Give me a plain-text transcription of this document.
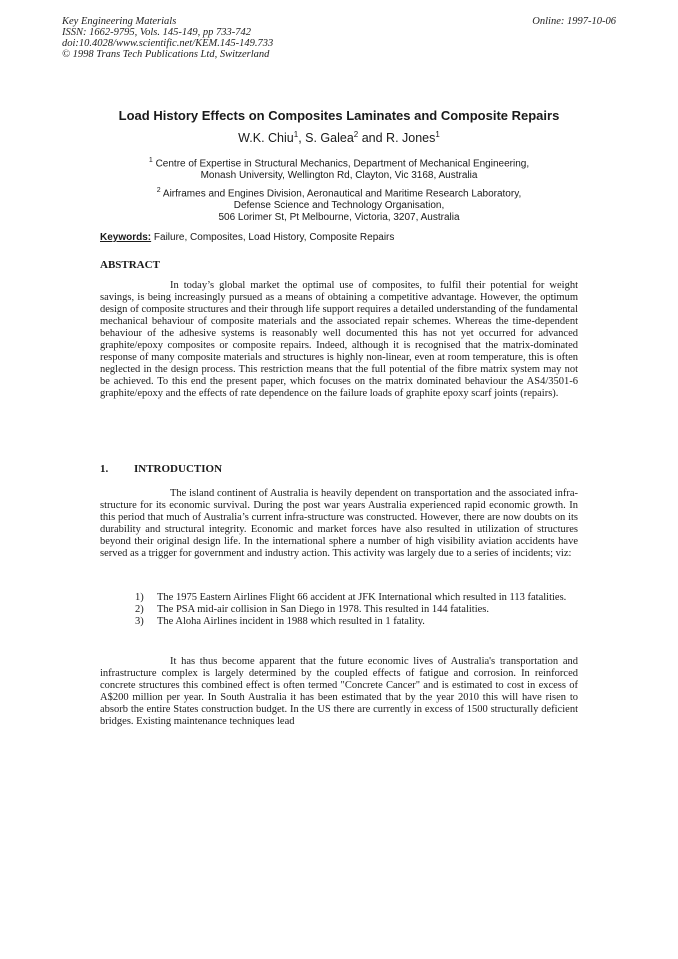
Key Engineering Materials
ISSN: 1662-9795, Vols. 145-149, pp 733-742
doi:10.4028/www.scientific.net/KEM.145-149.733
© 1998 Trans Tech Publications Ltd, Switzerland
Online: 1997-10-06
Load History Effects on Composites Laminates and Composite Repairs
W.K. Chiu$^1$, S. Galea$^2$ and R. Jones$^1$
$^1$ Centre of Expertise in Structural Mechanics, Department of Mechanical Engineering,
Monash University, Wellington Rd, Clayton, Vic 3168, Australia
$^2$ Airframes and Engines Division, Aeronautical and Maritime Research Laboratory,
Defense Science and Technology Organisation,
506 Lorimer St, Pt Melbourne, Victoria, 3207, Australia
Keywords: Failure, Composites, Load History, Composite Repairs
ABSTRACT
In today’s global market the optimal use of composites, to fulfil their potential for weight savings, is being increasingly pursued as a means of obtaining a competitive advantage. However, the optimum design of composite structures and their through life support requires a detailed understanding of the fundamental mechanical behaviour of composite materials and the associated repair schemes. Whereas the time-dependent behaviour of the adhesive systems is reasonably well documented this has not yet occurred for advanced graphite/epoxy composites or composite repairs. Indeed, although it is recognised that the matrix-dominated response of many composite materials and structures is highly non-linear, even at room temperature, this is often neglected in the design process. This restriction means that the full potential of the fibre matrix system may not be achieved. To this end the present paper, which focuses on the matrix dominated behaviour the AS4/3501-6 graphite/epoxy and the effects of rate dependence on the failure loads of graphite epoxy scarf joints (repairs).
1. INTRODUCTION
The island continent of Australia is heavily dependent on transportation and the associated infra-structure for its economic survival. During the post war years Australia experienced rapid economic growth. In this period that much of Australia’s current infra-structure was constructed. However, there are now doubts on its durability and structural integrity. Economic and market forces have also resulted in utilization of structures beyond their original design life. In the international sphere a number of high visibility aviation accidents have served as a trigger for government and industry action. This activity was largely due to a series of incidents; viz:
1) The 1975 Eastern Airlines Flight 66 accident at JFK International which resulted in 113 fatalities.
2) The PSA mid-air collision in San Diego in 1978. This resulted in 144 fatalities.
3) The Aloha Airlines incident in 1988 which resulted in 1 fatality.
It has thus become apparent that the future economic lives of Australia's transportation and infrastructure complex is largely determined by the coupled effects of fatigue and corrosion. In reinforced concrete structures this combined effect is often termed "Concrete Cancer" and is estimated to cost in excess of A$200 million per year. In South Australia it has been estimated that by the year 2010 this will have risen to absorb the entire States construction budget. In the US there are currently in excess of 1500 structurally deficient bridges. Existing maintenance techniques lead
